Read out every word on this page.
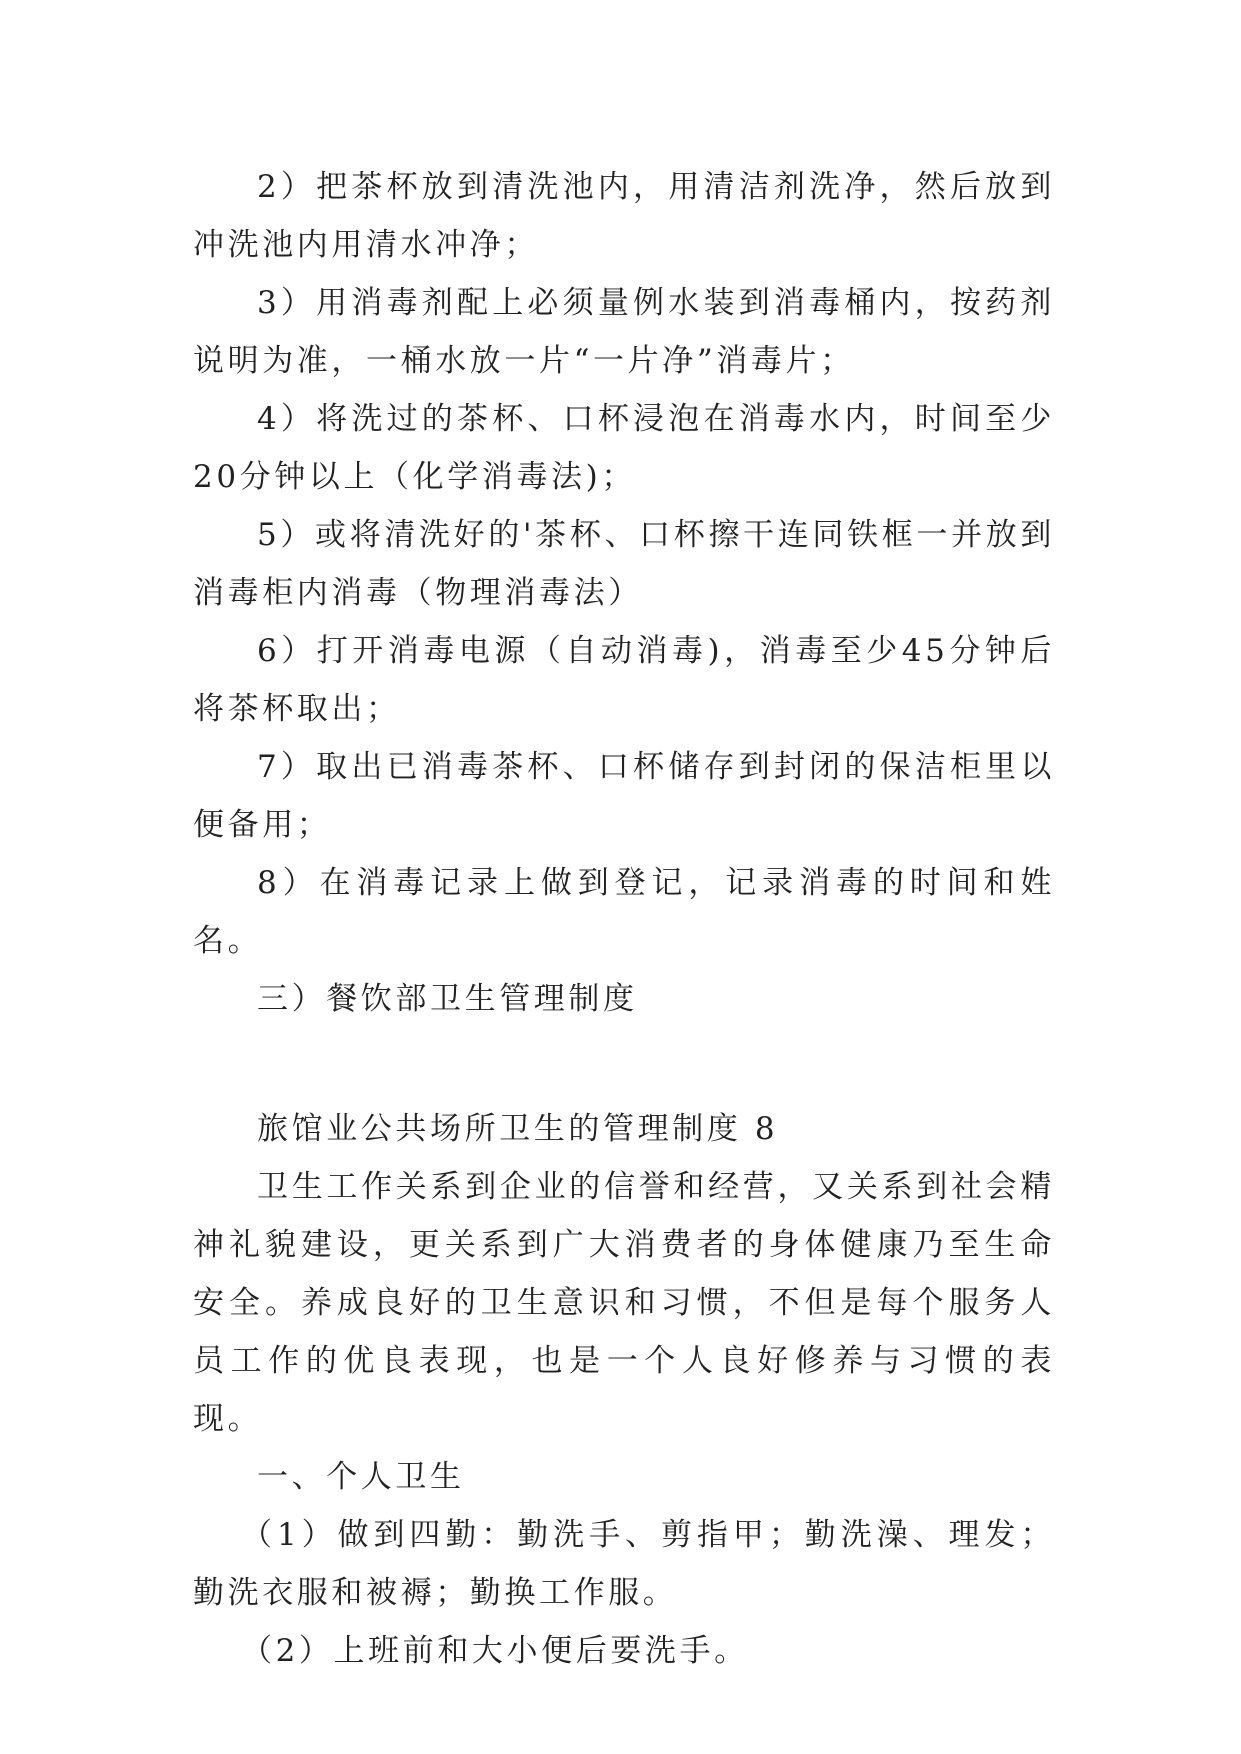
2）把茶杯放到清洗池内，用清洁剂洗净，然后放到冲洗池内用清水冲净；

3）用消毒剂配上必须量例水装到消毒桶内，按药剂说明为准，一桶水放一片“一片净”消毒片；

4）将洗过的茶杯、口杯浸泡在消毒水内，时间至少20分钟以上（化学消毒法)；

5）或将清洗好的'茶杯、口杯擦干连同铁框一并放到消毒柜内消毒（物理消毒法）

6）打开消毒电源（自动消毒)，消毒至少45分钟后将茶杯取出；

7）取出已消毒茶杯、口杯储存到封闭的保洁柜里以便备用；

8）在消毒记录上做到登记，记录消毒的时间和姓名。

三）餐饮部卫生管理制度

旅馆业公共场所卫生的管理制度 8

卫生工作关系到企业的信誉和经营，又关系到社会精神礼貌建设，更关系到广大消费者的身体健康乃至生命安全。养成良好的卫生意识和习惯，不但是每个服务人员工作的优良表现，也是一个人良好修养与习惯的表现。

一、个人卫生

（1）做到四勤：勤洗手、剪指甲；勤洗澡、理发；勤洗衣服和被褥；勤换工作服。

（2）上班前和大小便后要洗手。
